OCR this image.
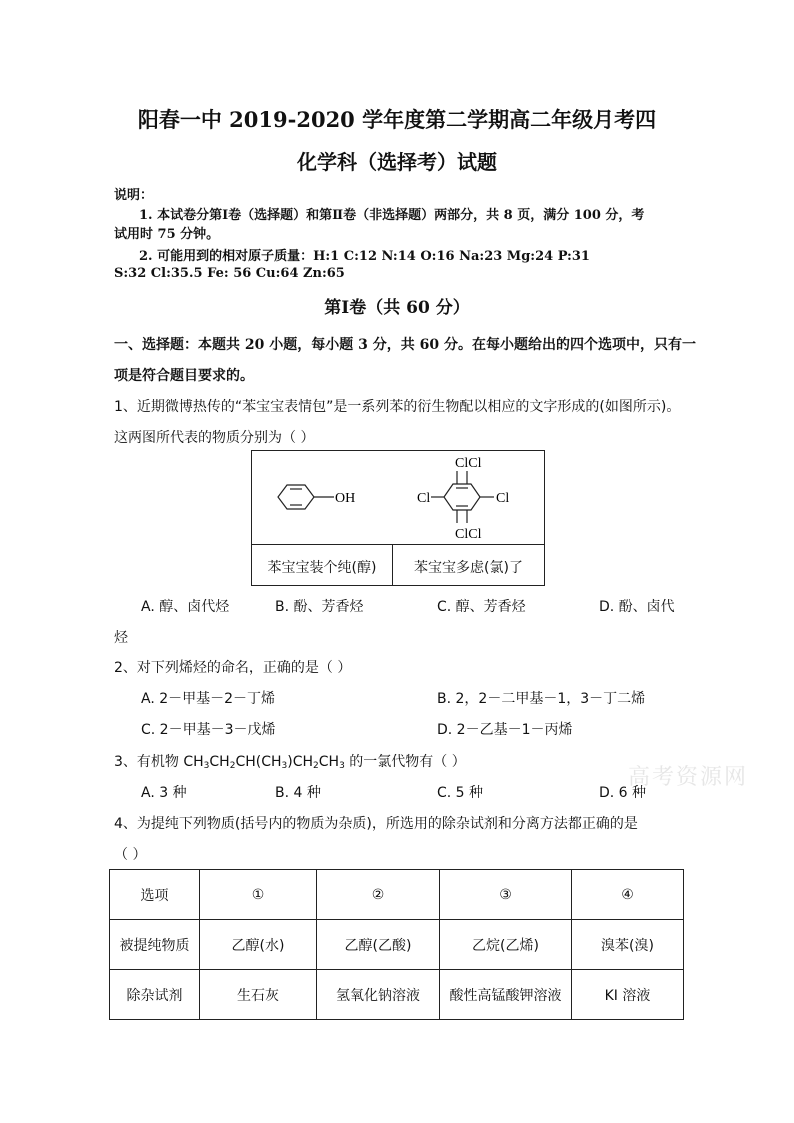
阳春一中 2019-2020 学年度第二学期高二年级月考四
化学科（选择考）试题
说明：
1. 本试卷分第Ⅰ卷（选择题）和第Ⅱ卷（非选择题）两部分，共 8 页，满分 100 分，考
试用时 75 分钟。
2. 可能用到的相对原子质量：H:1 C:12 N:14 O:16 Na:23 Mg:24 P:31
S:32 Cl:35.5 Fe: 56 Cu:64 Zn:65
第Ⅰ卷（共 60 分）
一、选择题：本题共 20 小题，每小题 3 分，共 60 分。在每小题给出的四个选项中，只有一
项是符合题目要求的。
1、近期微博热传的“苯宝宝表情包”是一系列苯的衍生物配以相应的文字形成的(如图所示)。
这两图所代表的物质分别为（ ）
OH
ClCl
Cl	Cl
ClCl
苯宝宝装个纯(醇)	苯宝宝多虑(氯)了
A. 醇、卤代烃	B. 酚、芳香烃	C. 醇、芳香烃	D. 酚、卤代
烃
2、对下列烯烃的命名，正确的是（ ）
A. 2－甲基－2－丁烯	B. 2，2－二甲基－1，3－丁二烯
C. 2－甲基－3－戊烯	D. 2－乙基－1－丙烯
3、有机物 $CH_3CH_2CH(CH_3)CH_2CH_3$ 的一氯代物有（ ）
A. 3 种	B. 4 种	C. 5 种	D. 6 种
高考资源网
4、为提纯下列物质(括号内的物质为杂质)，所选用的除杂试剂和分离方法都正确的是
（ ）
选项	①	②	③	④
被提纯物质	乙醇(水)	乙醇(乙酸)	乙烷(乙烯)	溴苯(溴)
除杂试剂	生石灰	氢氧化钠溶液	酸性高锰酸钾溶液	KI 溶液
